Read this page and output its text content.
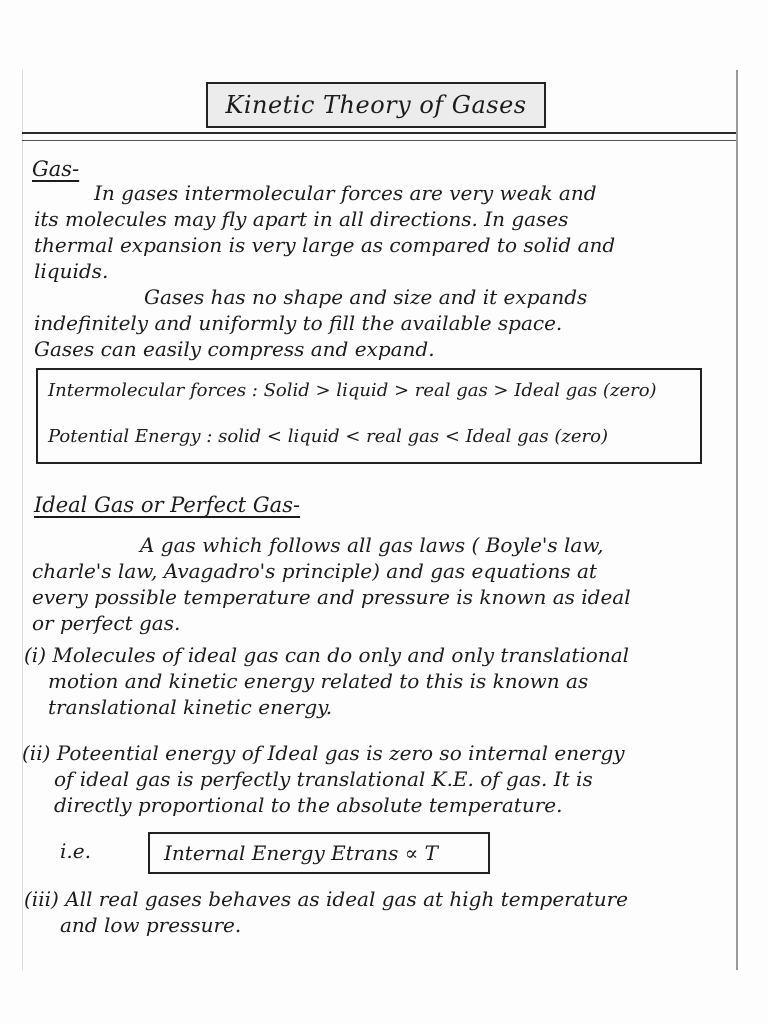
Kinetic Theory of Gases
Gas-
In gases intermolecular forces are very weak and
its molecules may fly apart in all directions. In gases
thermal expansion is very large as compared to solid and
liquids.
Gases has no shape and size and it expands
indefinitely and uniformly to fill the available space.
Gases can easily compress and expand.
Intermolecular forces : Solid > liquid > real gas > Ideal gas (zero)
Potential Energy : solid < liquid < real gas < Ideal gas (zero)
Ideal Gas or Perfect Gas-
A gas which follows all gas laws ( Boyle's law,
charle's law, Avagadro's principle) and gas equations at
every possible temperature and pressure is known as ideal
or perfect gas.
(i) Molecules of ideal gas can do only and only translational
motion and kinetic energy related to this is known as
translational kinetic energy.
(ii) Poteential energy of Ideal gas is zero so internal energy
of ideal gas is perfectly translational K.E. of gas. It is
directly proportional to the absolute temperature.
i.e.	Internal Energy Etrans ∝ T
(iii) All real gases behaves as ideal gas at high temperature
and low pressure.
